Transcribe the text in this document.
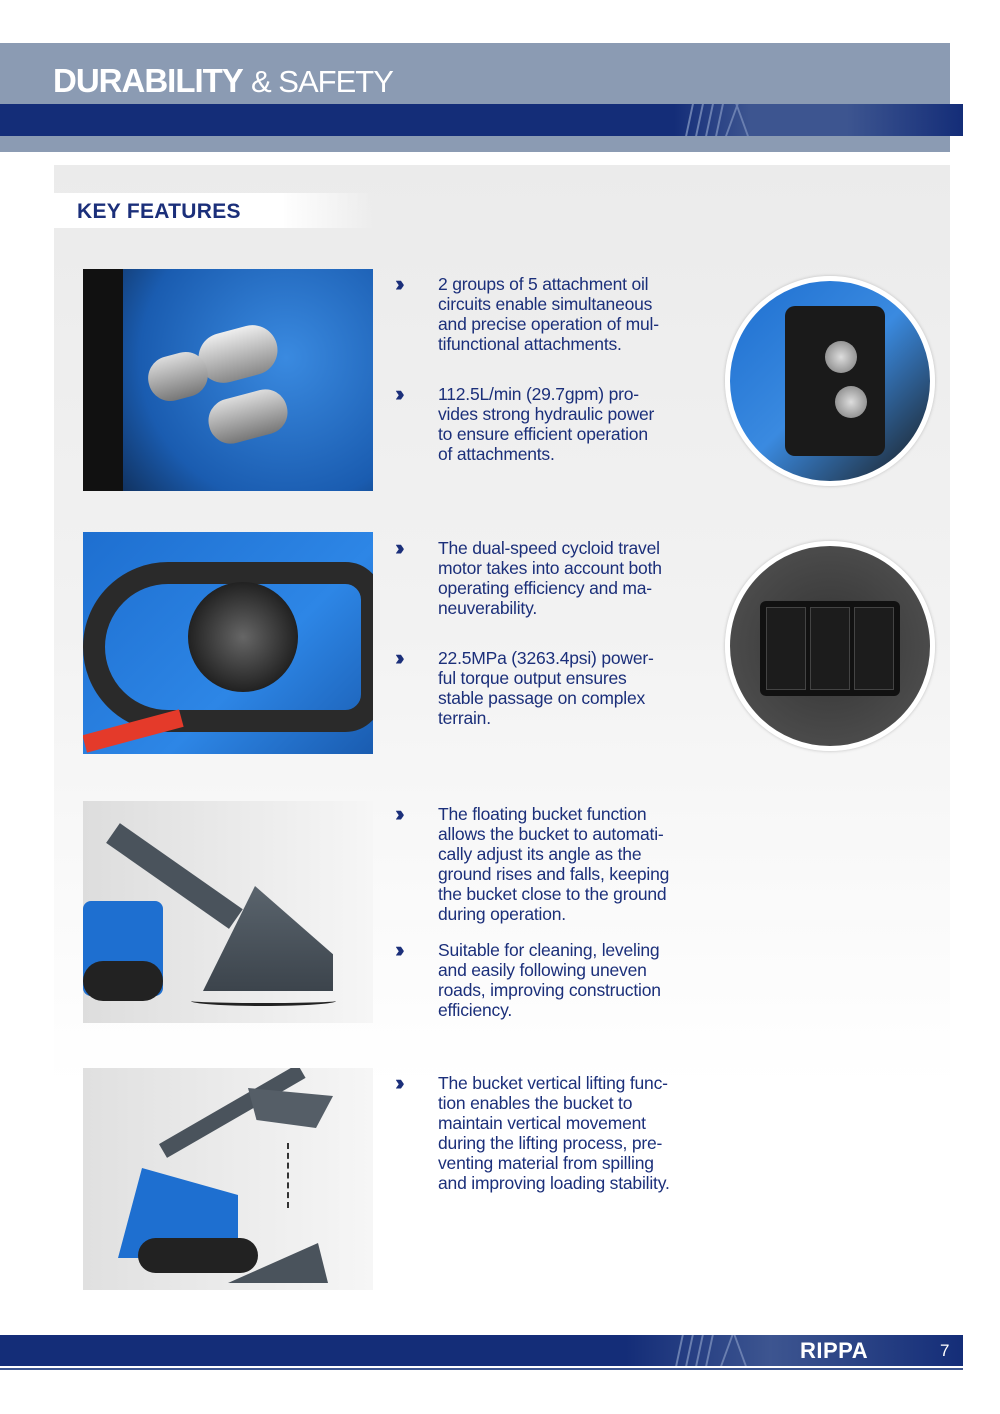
DURABILITY & SAFETY
KEY FEATURES
›› 2 groups of 5 attachment oil
circuits enable simultaneous
and precise operation of mul-
tifunctional attachments.
›› 112.5L/min (29.7gpm) pro-
vides strong hydraulic power
to ensure efficient operation
of attachments.
›› The dual-speed cycloid travel
motor takes into account both
operating efficiency and ma-
neuverability.
›› 22.5MPa (3263.4psi) power-
ful torque output ensures
stable passage on complex
terrain.
›› The floating bucket function
allows the bucket to automati-
cally adjust its angle as the
ground rises and falls, keeping
the bucket close to the ground
during operation.
›› Suitable for cleaning, leveling
and easily following uneven
roads, improving construction
efficiency.
›› The bucket vertical lifting func-
tion enables the bucket to
maintain vertical movement
during the lifting process, pre-
venting material from spilling
and improving loading stability.
RIPPA	7
